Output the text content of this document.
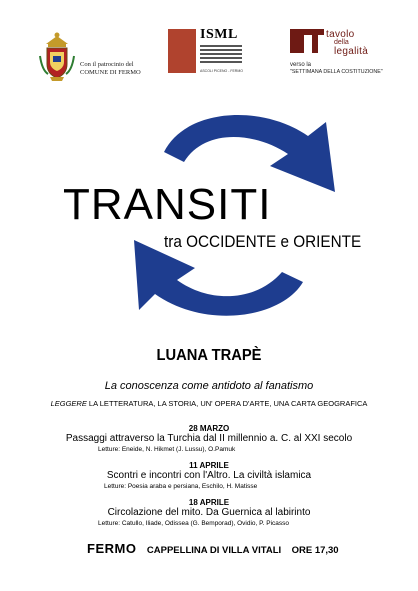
Con il patrocinio del
COMUNE DI FERMO
ISML
ASCOLI PICENO - FERMO
tavolo
della
legalità
verso la
"SETTIMANA DELLA COSTITUZIONE"
TRANSITI
tra OCCIDENTE e ORIENTE
LUANA TRAPÈ
La conoscenza come antidoto al fanatismo
LEGGERE LA LETTERATURA, LA STORIA, UN' OPERA D'ARTE, UNA CARTA GEOGRAFICA
28 MARZO
Passaggi attraverso la Turchia dal II millennio a. C. al XXI secolo
Letture: Eneide, N. Hikmet (J. Lussu), O.Pamuk
11 APRILE
Scontri e incontri con l'Altro. La civiltà islamica
Letture: Poesia araba e persiana, Eschilo, H. Matisse
18 APRILE
Circolazione del mito. Da Guernica al labirinto
Letture: Catullo, Iliade, Odissea (G. Bemporad), Ovidio, P. Picasso
FERMO CAPPELLINA DI VILLA VITALI ORE 17,30
